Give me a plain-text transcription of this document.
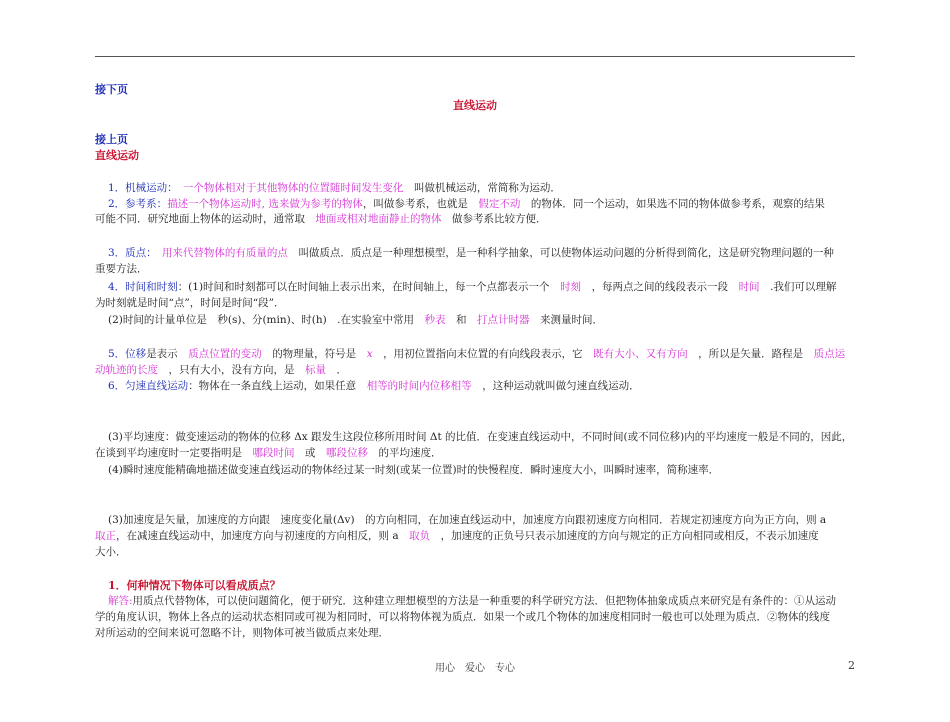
接下页
直线运动
接上页
直线运动
1．机械运动：　 一个物体相对于其他物体的位置随时间发生变化　 叫做机械运动，常简称为运动．
2．参考系：描述一个物体运动时, 选来做为参考的物体，叫做参考系，也就是　 假定不动　 的物体．同一个运动，如果选不同的物体做参考系，观察的结果
可能不同．研究地面上物体的运动时，通常取　 地面或相对地面静止的物体　 做参考系比较方便．
3．质点：　 用来代替物体的有质量的点　 叫做质点．质点是一种理想模型，是一种科学抽象，可以使物体运动问题的分析得到简化，这是研究物理问题的一种
重要方法．
4．时间和时刻：(1)时间和时刻都可以在时间轴上表示出来，在时间轴上，每一个点都表示一个　 时刻　 ，每两点之间的线段表示一段　 时间　 .我们可以理解
为时刻就是时间“点”，时间是时间“段”．
(2)时间的计量单位是　秒(s)、分(min)、时(h)　.在实验室中常用　 秒表　 和　 打点计时器　 来测量时间．
5．位移是表示　 质点位置的变动　 的物理量，符号是　 x　 ，用初位置指向末位置的有向线段表示，它　 既有大小、又有方向　 ，所以是矢量．路程是　 质点运
动轨迹的长度　 ，只有大小，没有方向，是　 标量　 ．
6．匀速直线运动：物体在一条直线上运动，如果任意　 相等的时间内位移相等　 ，这种运动就叫做匀速直线运动．
(3)平均速度：做变速运动的物体的位移 Δx 跟发生这段位移所用时间 Δt 的比值．在变速直线运动中，不同时间(或不同位移)内的平均速度一般是不同的，因此，
在谈到平均速度时一定要指明是　 哪段时间　 或　 哪段位移　 的平均速度．
(4)瞬时速度能精确地描述做变速直线运动的物体经过某一时刻(或某一位置)时的快慢程度．瞬时速度大小，叫瞬时速率，简称速率．
(3)加速度是矢量，加速度的方向跟　速度变化量(Δv)　的方向相同，在加速直线运动中，加速度方向跟初速度方向相同．若规定初速度方向为正方向，则 a
取正，在减速直线运动中，加速度方向与初速度的方向相反，则 a　 取负　 ，加速度的正负号只表示加速度的方向与规定的正方向相同或相反，不表示加速度
大小．
1．何种情况下物体可以看成质点？
解答:用质点代替物体，可以使问题简化，便于研究．这种建立理想模型的方法是一种重要的科学研究方法．但把物体抽象成质点来研究是有条件的：①从运动
学的角度认识，物体上各点的运动状态相同或可视为相同时，可以将物体视为质点．如果一个或几个物体的加速度相同时一般也可以处理为质点．②物体的线度
对所运动的空间来说可忽略不计，则物体可被当做质点来处理．
用心　爱心　专心	2
